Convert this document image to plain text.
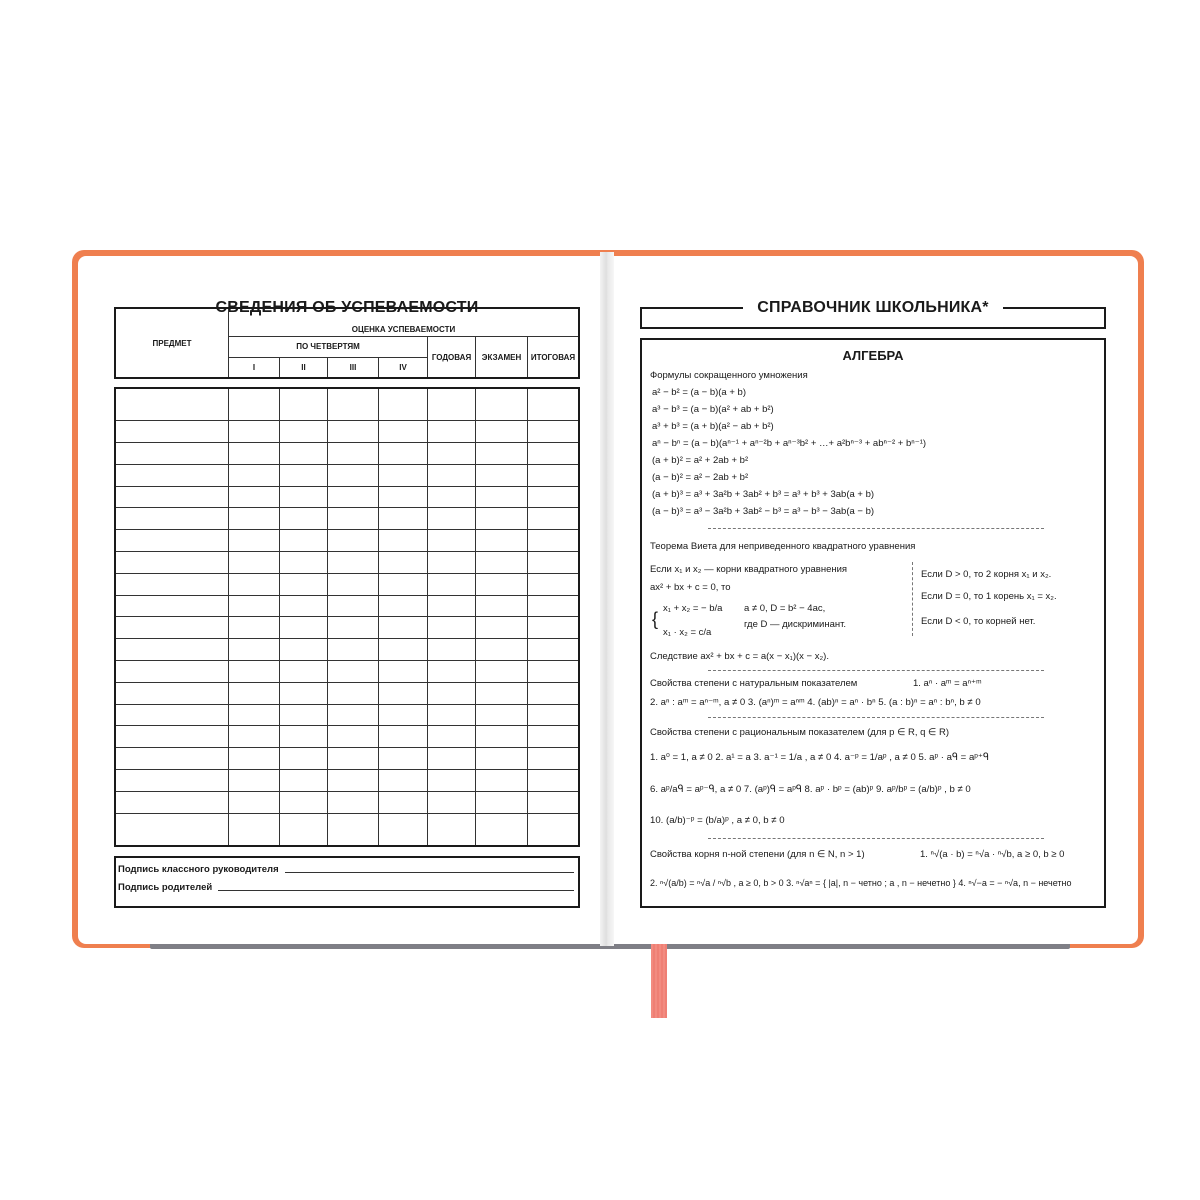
СВЕДЕНИЯ ОБ УСПЕВАЕМОСТИ
ПРЕДМЕТ	ОЦЕНКА УСПЕВАЕМОСТИ						
	ПО ЧЕТВЕРТЯМ				ГОДОВАЯ	ЭКЗАМЕН	ИТОГОВАЯ
	I	II	III	IV			

Подпись классного руководителя
Подпись родителей
СПРАВОЧНИК ШКОЛЬНИКА*
АЛГЕБРА
Формулы сокращенного умножения
a² − b² = (a − b)(a + b)
a³ − b³ = (a − b)(a² + ab + b²)
a³ + b³ = (a + b)(a² − ab + b²)
aⁿ − bⁿ = (a − b)(aⁿ⁻¹ + aⁿ⁻²b + aⁿ⁻³b² + …+ a²bⁿ⁻³ + abⁿ⁻² + bⁿ⁻¹)
(a + b)² = a² + 2ab + b²
(a − b)² = a² − 2ab + b²
(a + b)³ = a³ + 3a²b + 3ab² + b³ = a³ + b³ + 3ab(a + b)
(a − b)³ = a³ − 3a²b + 3ab² − b³ = a³ − b³ − 3ab(a − b)
Теорема Виета для неприведенного квадратного уравнения
Если x₁ и x₂ — корни квадратного уравнения
ax² + bx + c = 0, то
{
x₁ + x₂ = − b/a
x₁ · x₂ = c/a
a ≠ 0, D = b² − 4ac,
где D — дискриминант.
Если D > 0, то 2 корня x₁ и x₂.
Если D = 0, то 1 корень x₁ = x₂.
Если D < 0, то корней нет.
Следствие ax² + bx + c = a(x − x₁)(x − x₂).
Свойства степени с натуральным показателем	1. aⁿ · aᵐ = aⁿ⁺ᵐ
2. aⁿ : aᵐ = aⁿ⁻ᵐ, a ≠ 0 3. (aⁿ)ᵐ = aⁿᵐ 4. (ab)ⁿ = aⁿ · bⁿ 5. (a : b)ⁿ = aⁿ : bⁿ, b ≠ 0
Свойства степени с рациональным показателем (для p ∈ R, q ∈ R)
1. a⁰ = 1, a ≠ 0 2. a¹ = a 3. a⁻¹ = 1/a , a ≠ 0 4. a⁻ᵖ = 1/aᵖ , a ≠ 0 5. aᵖ · aᑫ = aᵖ⁺ᑫ
6. aᵖ/aᑫ = aᵖ⁻ᑫ, a ≠ 0 7. (aᵖ)ᑫ = aᵖᑫ 8. aᵖ · bᵖ = (ab)ᵖ 9. aᵖ/bᵖ = (a/b)ᵖ , b ≠ 0
10. (a/b)⁻ᵖ = (b/a)ᵖ , a ≠ 0, b ≠ 0
Свойства корня n-ной степени (для n ∈ N, n > 1)	1. ⁿ√(a · b) = ⁿ√a · ⁿ√b, a ≥ 0, b ≥ 0
2. ⁿ√(a/b) = ⁿ√a / ⁿ√b , a ≥ 0, b > 0 3. ⁿ√aⁿ = { |a|, n − четно ; a , n − нечетно } 4. ⁿ√−a = − ⁿ√a, n − нечетно
